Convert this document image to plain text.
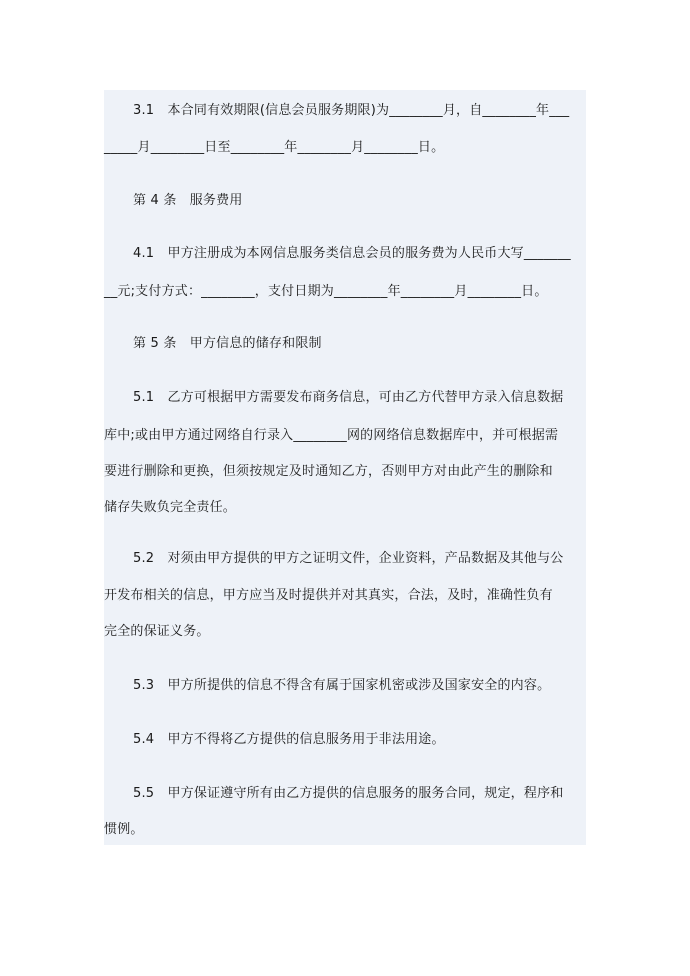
3.1　本合同有效期限(信息会员服务期限)为________月，自________年___
_____月________日至________年________月________日。
第 4 条　服务费用
4.1　甲方注册成为本网信息服务类信息会员的服务费为人民币大写_______
__元;支付方式：________，支付日期为________年________月________日。
第 5 条　甲方信息的储存和限制
5.1　乙方可根据甲方需要发布商务信息，可由乙方代替甲方录入信息数据
库中;或由甲方通过网络自行录入________网的网络信息数据库中，并可根据需
要进行删除和更换，但须按规定及时通知乙方，否则甲方对由此产生的删除和
储存失败负完全责任。
5.2　对须由甲方提供的甲方之证明文件，企业资料，产品数据及其他与公
开发布相关的信息，甲方应当及时提供并对其真实，合法，及时，准确性负有
完全的保证义务。
5.3　甲方所提供的信息不得含有属于国家机密或涉及国家安全的内容。
5.4　甲方不得将乙方提供的信息服务用于非法用途。
5.5　甲方保证遵守所有由乙方提供的信息服务的服务合同，规定，程序和
惯例。
